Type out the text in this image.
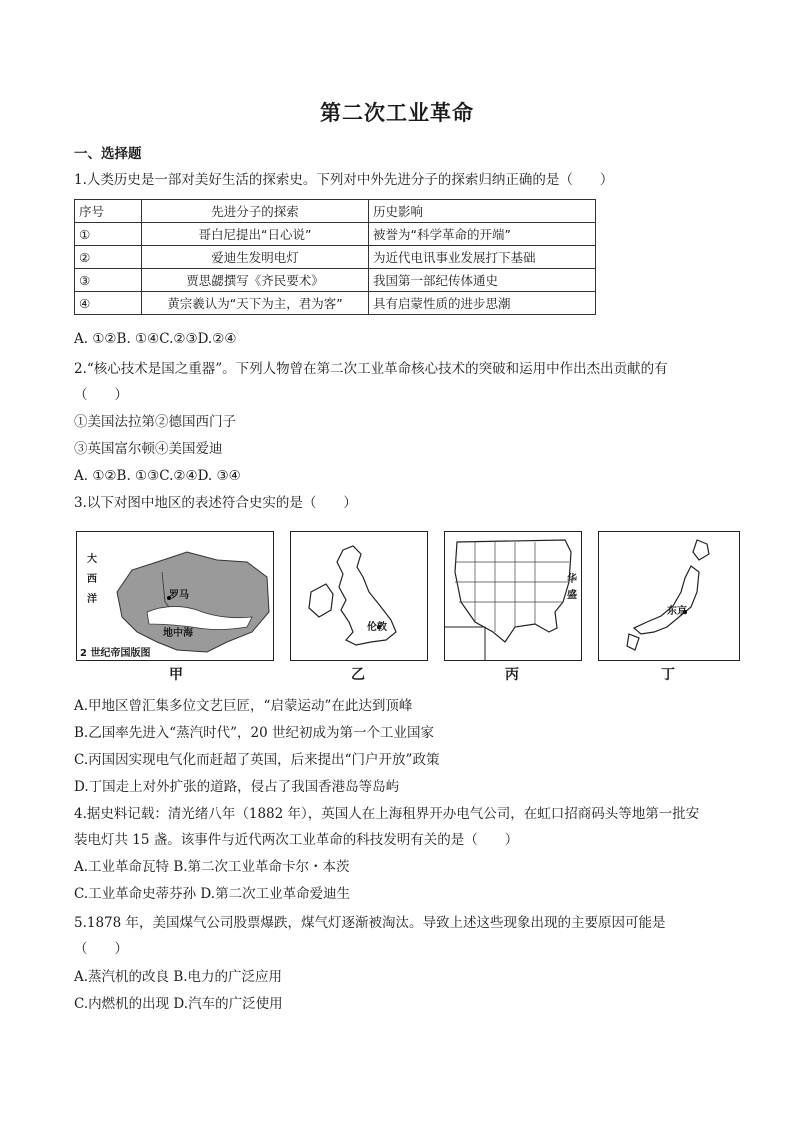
第二次工业革命
一、选择题
1.人类历史是一部对美好生活的探索史。下列对中外先进分子的探索归纳正确的是（　　）
序号	先进分子的探索	历史影响
①	哥白尼提出“日心说”	被誉为“科学革命的开端”
②	爱迪生发明电灯	为近代电讯事业发展打下基础
③	贾思勰撰写《齐民要术》	我国第一部纪传体通史
④	黄宗羲认为“天下为主，君为客”	具有启蒙性质的进步思潮
A. ①②B. ①④C.②③D.②④
2.“核心技术是国之重器”。下列人物曾在第二次工业革命核心技术的突破和运用中作出杰出贡献的有
（　　）
①美国法拉第②德国西门子
③英国富尔顿④美国爱迪
A. ①②B. ①③C.②④D. ③④
3.以下对图中地区的表述符合史实的是（　　）
大
西
洋	罗马
地中海
2 世纪帝国版图
甲
伦敦
乙
华
盛
丙
东京
丁
A.甲地区曾汇集多位文艺巨匠，“启蒙运动”在此达到顶峰
B.乙国率先进入“蒸汽时代”，20 世纪初成为第一个工业国家
C.丙国因实现电气化而赶超了英国，后来提出“门户开放”政策
D.丁国走上对外扩张的道路，侵占了我国香港岛等岛屿
4.据史料记载：清光绪八年（1882 年），英国人在上海租界开办电气公司，在虹口招商码头等地第一批安
装电灯共 15 盏。该事件与近代两次工业革命的科技发明有关的是（　　）
A.工业革命瓦特 B.第二次工业革命卡尔・本茨
C.工业革命史蒂芬孙 D.第二次工业革命爱迪生
5.1878 年，美国煤气公司股票爆跌，煤气灯逐渐被淘汰。导致上述这些现象出现的主要原因可能是
（　　）
A.蒸汽机的改良 B.电力的广泛应用
C.内燃机的出现 D.汽车的广泛使用
